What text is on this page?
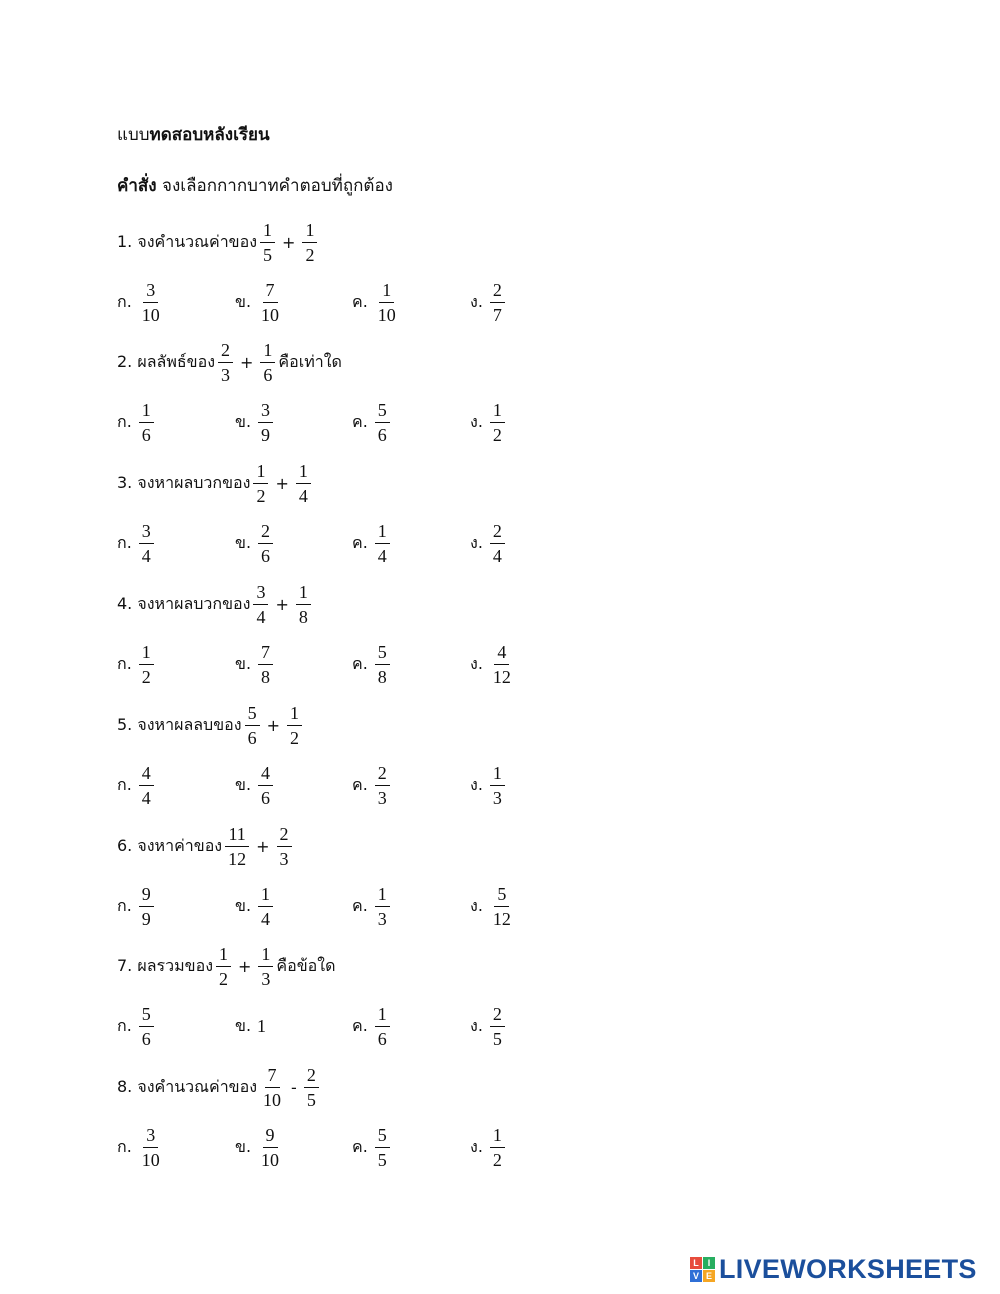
แบบทดสอบหลังเรียน
คำสั่ง จงเลือกกากบาทคำตอบที่ถูกต้อง
1. จงคำนวณค่าของ $\frac{1}{5} + \frac{1}{2}$
ก. $\frac{3}{10}$	ข. $\frac{7}{10}$	ค. $\frac{1}{10}$	ง. $\frac{2}{7}$
2. ผลลัพธ์ของ $\frac{2}{3} + \frac{1}{6}$ คือเท่าใด
ก. $\frac{1}{6}$	ข. $\frac{3}{9}$	ค. $\frac{5}{6}$	ง. $\frac{1}{2}$
3. จงหาผลบวกของ $\frac{1}{2} + \frac{1}{4}$
ก. $\frac{3}{4}$	ข. $\frac{2}{6}$	ค. $\frac{1}{4}$	ง. $\frac{2}{4}$
4. จงหาผลบวกของ $\frac{3}{4} + \frac{1}{8}$
ก. $\frac{1}{2}$	ข. $\frac{7}{8}$	ค. $\frac{5}{8}$	ง. $\frac{4}{12}$
5. จงหาผลลบของ $\frac{5}{6} + \frac{1}{2}$
ก. $\frac{4}{4}$	ข. $\frac{4}{6}$	ค. $\frac{2}{3}$	ง. $\frac{1}{3}$
6. จงหาค่าของ $\frac{11}{12} + \frac{2}{3}$
ก. $\frac{9}{9}$	ข. $\frac{1}{4}$	ค. $\frac{1}{3}$	ง. $\frac{5}{12}$
7. ผลรวมของ $\frac{1}{2} + \frac{1}{3}$ คือข้อใด
ก. $\frac{5}{6}$	ข. 1	ค. $\frac{1}{6}$	ง. $\frac{2}{5}$
8. จงคำนวณค่าของ $\frac{7}{10} - \frac{2}{5}$
ก. $\frac{3}{10}$	ข. $\frac{9}{10}$	ค. $\frac{5}{5}$	ง. $\frac{1}{2}$
L I
V E LIVEWORKSHEETS
